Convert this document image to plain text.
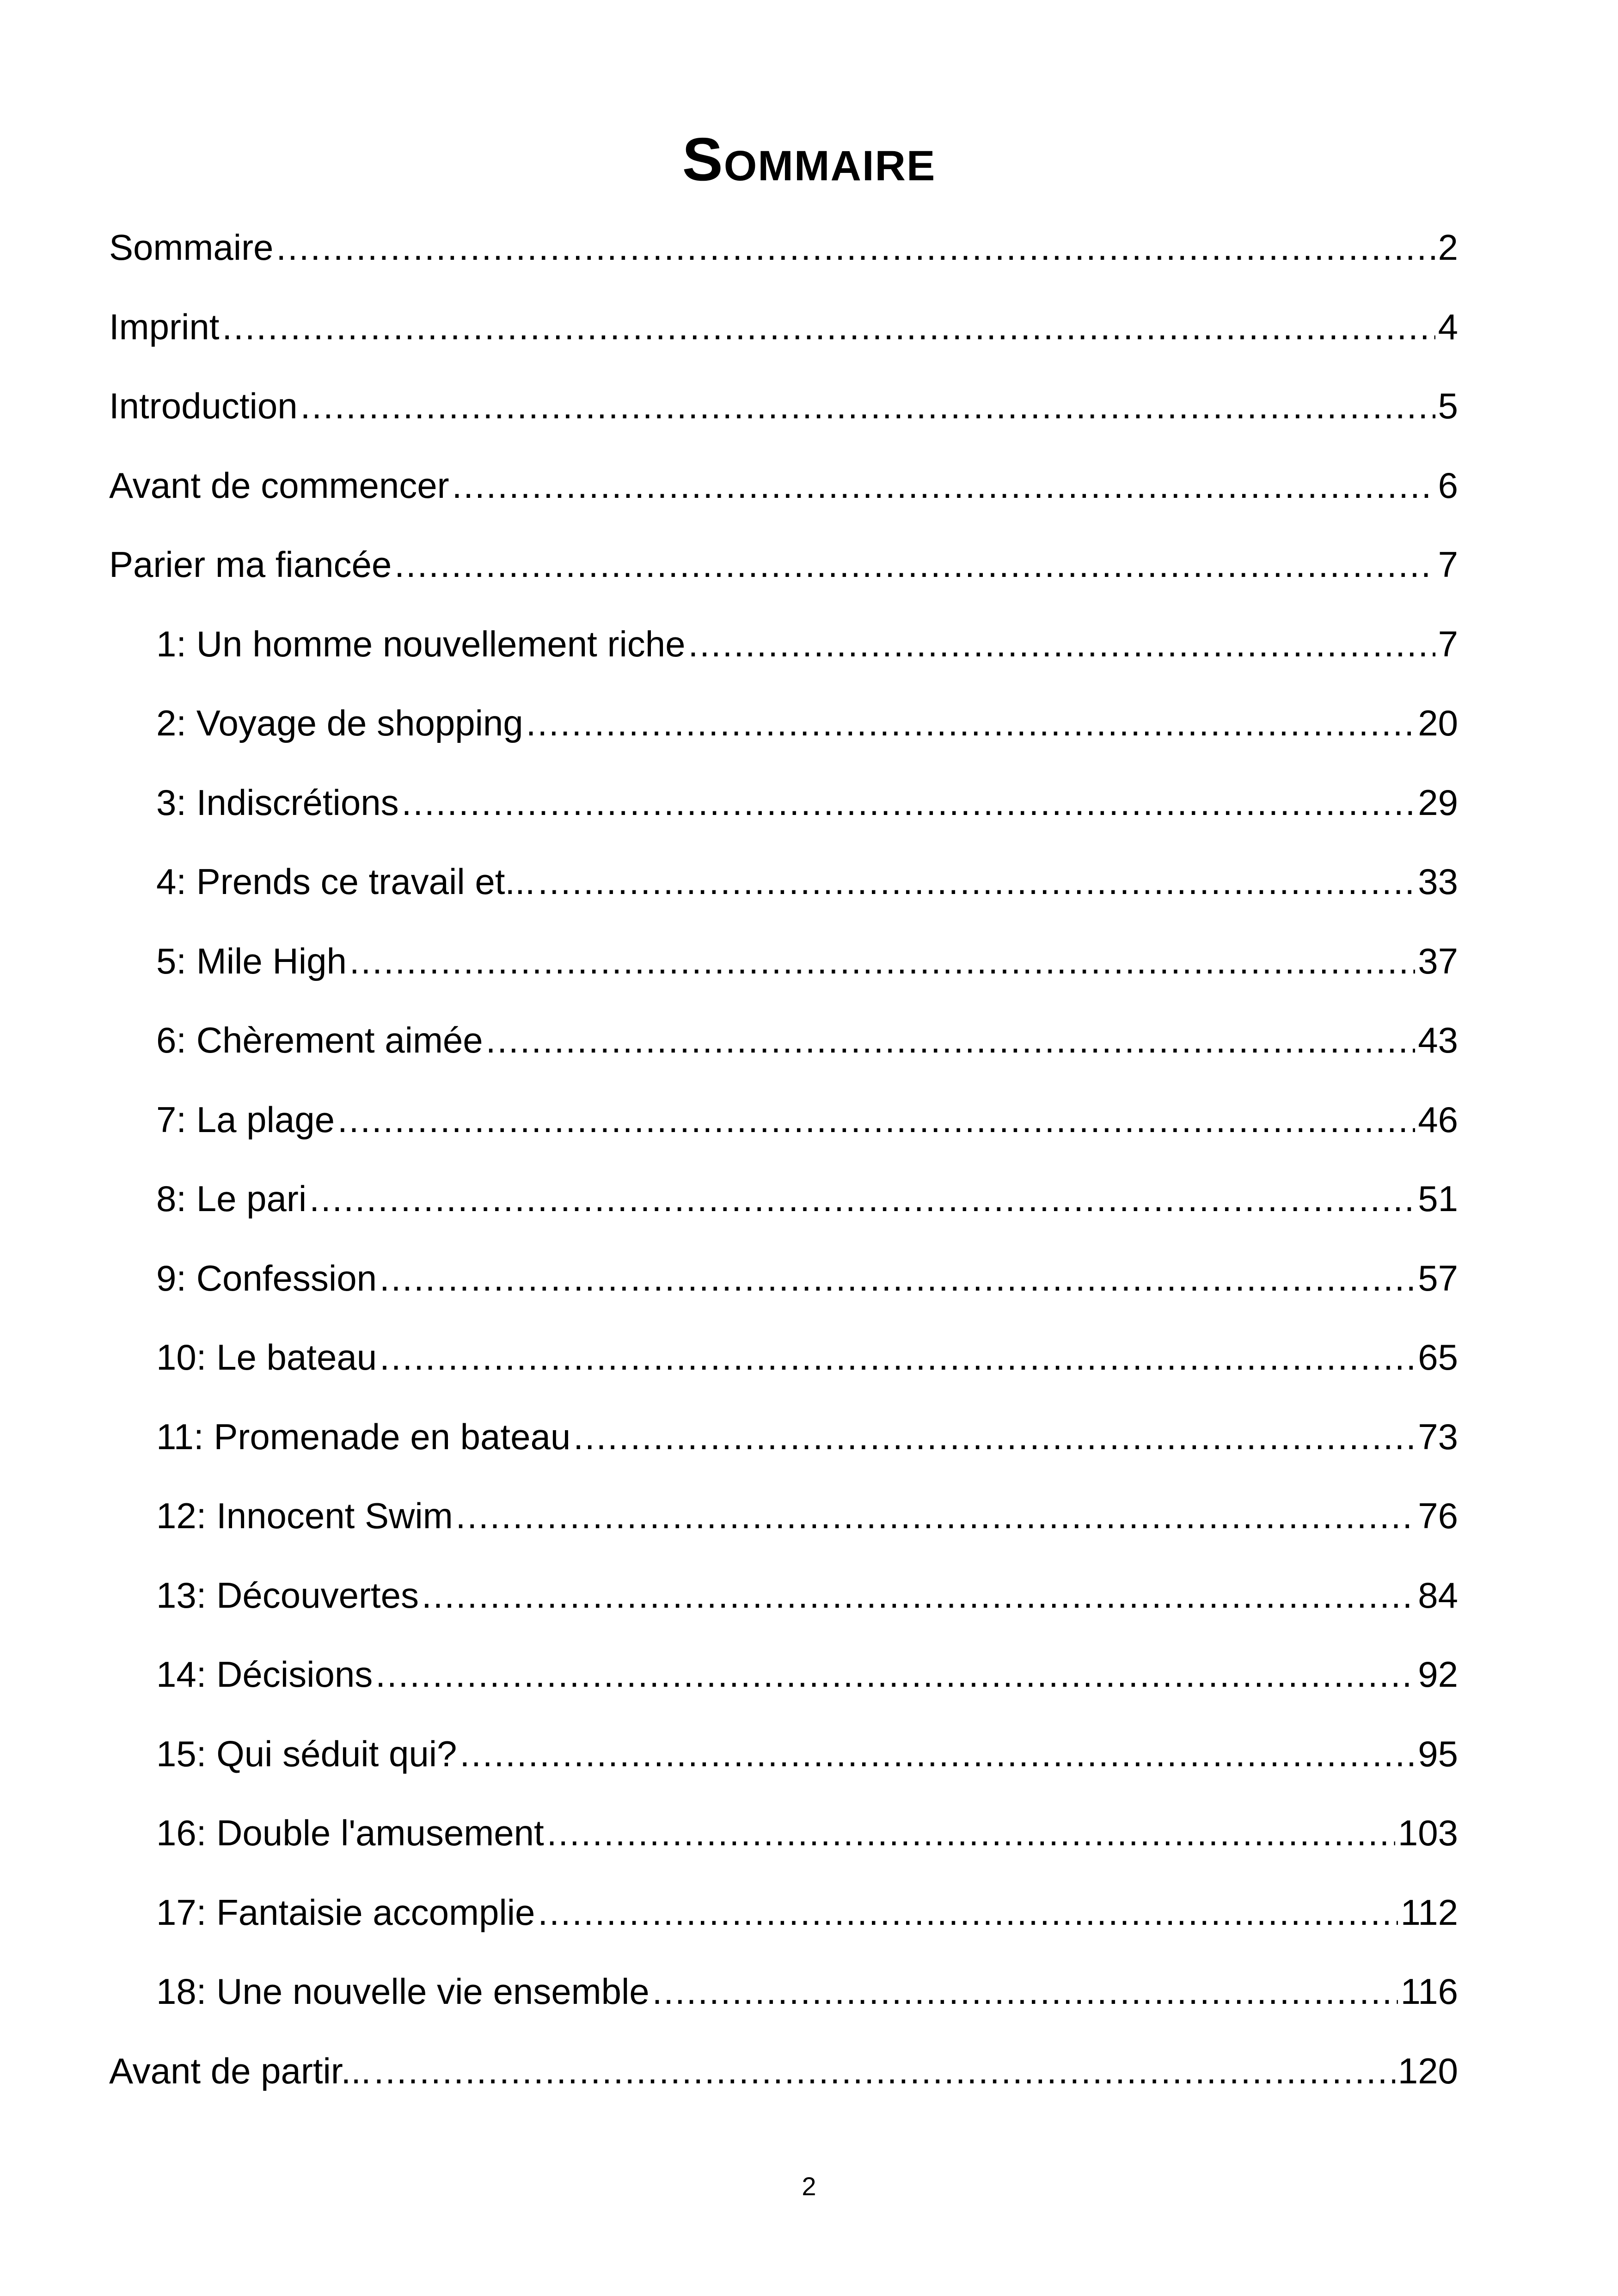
Sommaire
Sommaire .....	2
Imprint .....	4
Introduction .....	5
Avant de commencer .....	6
Parier ma fiancée .....	7
1: Un homme nouvellement riche .....	7
2: Voyage de shopping .....	20
3: Indiscrétions .....	29
4: Prends ce travail et... .....	33
5: Mile High .....	37
6: Chèrement aimée .....	43
7: La plage .....	46
8: Le pari .....	51
9: Confession .....	57
10: Le bateau .....	65
11: Promenade en bateau .....	73
12: Innocent Swim .....	76
13: Découvertes .....	84
14: Décisions .....	92
15: Qui séduit qui? .....	95
16: Double l'amusement .....	103
17: Fantaisie accomplie .....	112
18: Une nouvelle vie ensemble .....	116
Avant de partir... .....	120
2
